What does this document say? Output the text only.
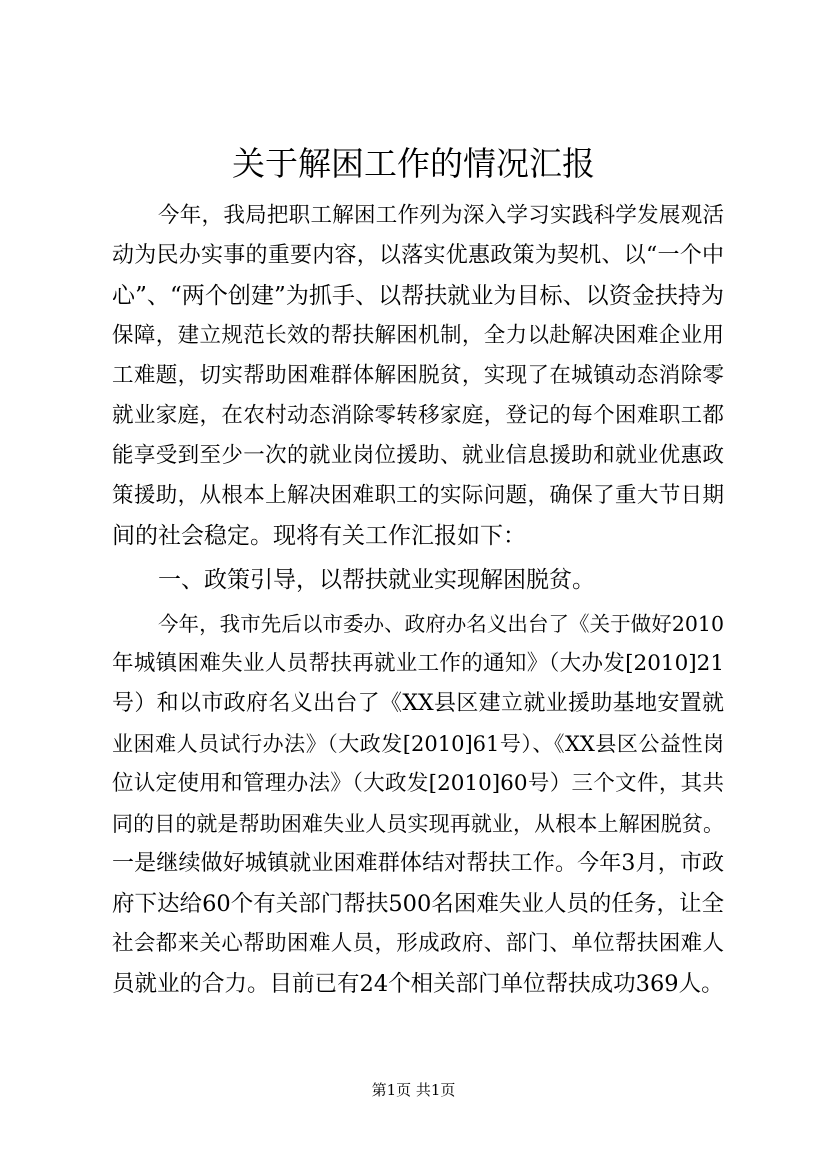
关于解困工作的情况汇报
今年，我局把职工解困工作列为深入学习实践科学发展观活
动为民办实事的重要内容，以落实优惠政策为契机、以“一个中
心”、“两个创建”为抓手、以帮扶就业为目标、以资金扶持为
保障，建立规范长效的帮扶解困机制，全力以赴解决困难企业用
工难题，切实帮助困难群体解困脱贫，实现了在城镇动态消除零
就业家庭，在农村动态消除零转移家庭，登记的每个困难职工都
能享受到至少一次的就业岗位援助、就业信息援助和就业优惠政
策援助，从根本上解决困难职工的实际问题，确保了重大节日期
间的社会稳定。现将有关工作汇报如下：
一、政策引导，以帮扶就业实现解困脱贫。
今年，我市先后以市委办、政府办名义出台了《关于做好2010
年城镇困难失业人员帮扶再就业工作的通知》（大办发[2010]21
号）和以市政府名义出台了《XX县区建立就业援助基地安置就
业困难人员试行办法》（大政发[2010]61号）、《XX县区公益性岗
位认定使用和管理办法》（大政发[2010]60号）三个文件，其共
同的目的就是帮助困难失业人员实现再就业，从根本上解困脱贫。
一是继续做好城镇就业困难群体结对帮扶工作。今年3月，市政
府下达给60个有关部门帮扶500名困难失业人员的任务，让全
社会都来关心帮助困难人员，形成政府、部门、单位帮扶困难人
员就业的合力。目前已有24个相关部门单位帮扶成功369人。
第1页 共1页
